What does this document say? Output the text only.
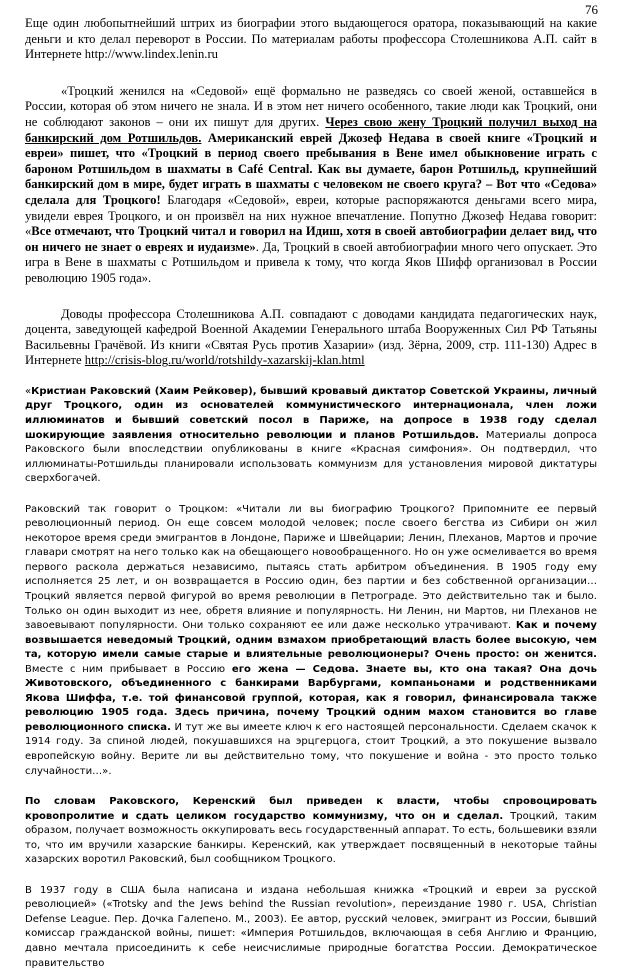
76

Еще один любопытнейший штрих из биографии этого выдающегося оратора, показывающий на какие деньги и кто делал переворот в России. По материалам работы профессора Столешникова А.П. сайт в Интернете http://www.lindex.lenin.ru

«Троцкий женился на «Седовой» ещё формально не разведясь со своей женой, оставшейся в России, которая об этом ничего не знала. И в этом нет ничего особенного, такие люди как Троцкий, они не соблюдают законов – они их пишут для других. Через свою жену Троцкий получил выход на банкирский дом Ротшильдов. Американский еврей Джозеф Недава в своей книге «Троцкий и евреи» пишет, что «Троцкий в период своего пребывания в Вене имел обыкновение играть с бароном Ротшильдом в шахматы в Café Central. Как вы думаете, барон Ротшильд, крупнейший банкирский дом в мире, будет играть в шахматы с человеком не своего круга? – Вот что «Седова» сделала для Троцкого! Благодаря «Седовой», евреи, которые распоряжаются деньгами всего мира, увидели еврея Троцкого, и он произвёл на них нужное впечатление. Попутно Джозеф Недава говорит: «Все отмечают, что Троцкий читал и говорил на Идиш, хотя в своей автобиографии делает вид, что он ничего не знает о евреях и иудаизме». Да, Троцкий в своей автобиографии много чего опускает. Это игра в Вене в шахматы с Ротшильдом и привела к тому, что когда Яков Шифф организовал в России революцию 1905 года».

Доводы профессора Столешникова А.П. совпадают с доводами кандидата педагогических наук, доцента, заведующей кафедрой Военной Академии Генерального штаба Вооруженных Сил РФ Татьяны Васильевны Грачёвой. Из книги «Святая Русь против Хазарии» (изд. Зёрна, 2009, стр. 111-130) Адрес в Интернете http://crisis-blog.ru/world/rotshildy-xazarskij-klan.html

«Кристиан Раковский (Хаим Рейковер), бывший кровавый диктатор Советской Украины, личный друг Троцкого, один из основателей коммунистического интернационала, член ложи иллюминатов и бывший советский посол в Париже, на допросе в 1938 году сделал шокирующие заявления относительно революции и планов Ротшильдов. Материалы допроса Раковского были впоследствии опубликованы в книге «Красная симфония». Он подтвердил, что иллюминаты-Ротшильды планировали использовать коммунизм для установления мировой диктатуры сверхбогачей.

Раковский так говорит о Троцком: «Читали ли вы биографию Троцкого? Припомните ее первый революционный период. Он еще совсем молодой человек; после своего бегства из Сибири он жил некоторое время среди эмигрантов в Лондоне, Париже и Швейцарии; Ленин, Плеханов, Мартов и прочие главари смотрят на него только как на обещающего новообращенного. Но он уже осмеливается во время первого раскола держаться независимо, пытаясь стать арбитром объединения. В 1905 году ему исполняется 25 лет, и он возвращается в Россию один, без партии и без собственной организации… Троцкий является первой фигурой во время революции в Петрограде. Это действительно так и было. Только он один выходит из нее, обретя влияние и популярность. Ни Ленин, ни Мартов, ни Плеханов не завоевывают популярности. Они только сохраняют ее или даже несколько утрачивают. Как и почему возвышается неведомый Троцкий, одним взмахом приобретающий власть более высокую, чем та, которую имели самые старые и влиятельные революционеры? Очень просто: он женится. Вместе с ним прибывает в Россию его жена — Седова. Знаете вы, кто она такая? Она дочь Животовского, объединенного с банкирами Варбургами, компаньонами и родственниками Якова Шиффа, т.е. той финансовой группой, которая, как я говорил, финансировала также революцию 1905 года. Здесь причина, почему Троцкий одним махом становится во главе революционного списка. И тут же вы имеете ключ к его настоящей персональности. Сделаем скачок к 1914 году. За спиной людей, покушавшихся на эрцгерцога, стоит Троцкий, а это покушение вызвало европейскую войну. Верите ли вы действительно тому, что покушение и война - это просто только случайности…».

По словам Раковского, Керенский был приведен к власти, чтобы спровоцировать кровопролитие и сдать целиком государство коммунизму, что он и сделал. Троцкий, таким образом, получает возможность оккупировать весь государственный аппарат. То есть, большевики взяли то, что им вручили хазарские банкиры. Керенский, как утверждает посвященный в некоторые тайны хазарских воротил Раковский, был сообщником Троцкого.

В 1937 году в США была написана и издана небольшая книжка «Троцкий и евреи за русской революцией» («Trotsky and the Jews behind the Russian revolution», переиздание 1980 г. USA, Christian Defense League. Пер. Дочка Галепено. М., 2003). Ее автор, русский человек, эмигрант из России, бывший комиссар гражданской войны, пишет: «Империя Ротшильдов, включающая в себя Англию и Францию, давно мечтала присоединить к себе неисчислимые природные богатства России. Демократическое правительство
